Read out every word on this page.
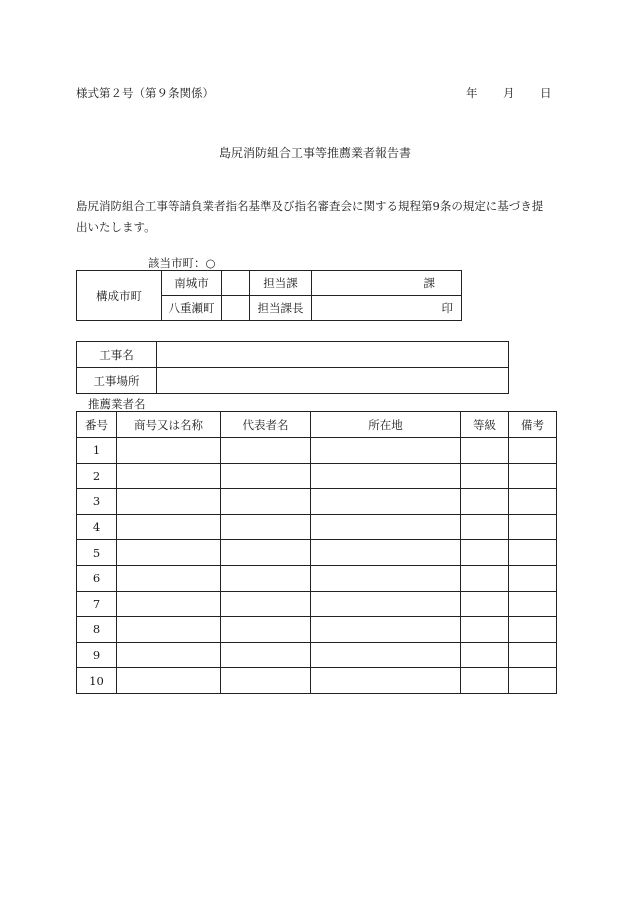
様式第２号（第９条関係）	年 月 日
島尻消防組合工事等推薦業者報告書
島尻消防組合工事等請負業者指名基準及び指名審査会に関する規程第9条の規定に基づき提
出いたします。
該当市町：○
構成市町	南城市		担当課	課
	八重瀬町		担当課長	印
工事名	
工事場所	
推薦業者名
番号	商号又は名称	代表者名	所在地	等級	備考
1					
2					
3					
4					
5					
6					
7					
8					
9					
10					
